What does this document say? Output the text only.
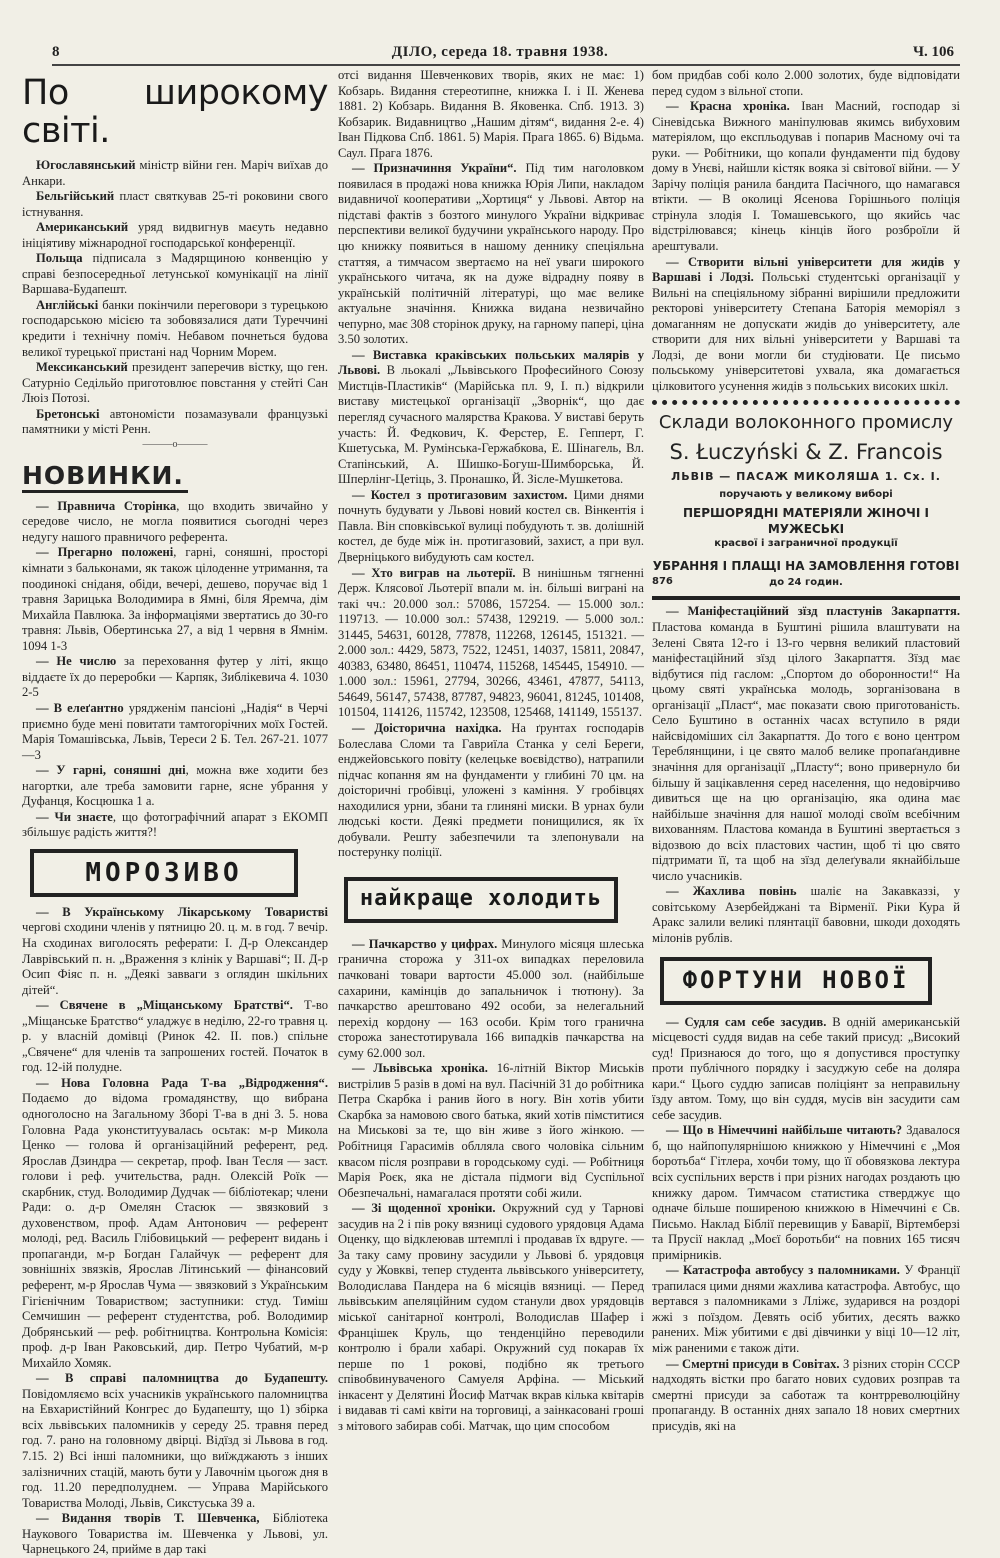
8	ДІЛО, середа 18. травня 1938.	Ч. 106
По широкому світі.

Югославянський міністр війни ген. Маріч виїхав до Анкари.

Бельгійський пласт святкував 25-ті роковини свого істнування.

Американський уряд видвигнув маєуть недавно ініціятиву міжнародної господарської конференції.

Польща підписала з Мадярщиною конвенцію у справі безпосередньої летунської комунікації на лінії Варшава-Будапешт.

Англійські банки покінчили переговори з турецькою господарською місією та зобовязалися дати Туреччині кредити і технічну поміч. Небавом почнеться будова великої турецької пристані над Чорним Морем.

Мексиканський президент заперечив вістку, що ген. Сатурніо Седільйо приготовлює повстання у стейті Сан Люіз Потозі.

Бретонські автономісти позамазували французькі памятники у місті Ренн.

———о———

НОВИНКИ.

— Правнича Сторінка, що входить звичайно у середове число, не могла появитися сьогодні через недугу нашого правничого референта.

— Прегарно положені, гарні, соняшні, просторі кімнати з бальконами, як також цілоденне утримання, та поодинокі сніданя, обіди, вечері, дешево, поручає від 1 травня Зарицька Володимира в Ямні, біля Яремча, дім Михайла Павлюка. За інформаціями звертатись до 30-го травня: Львів, Обертинська 27, а від 1 червня в Ямнім. 1094 1-3

— Не числю за переховання футер у літі, якщо віддаєте їх до переробки — Карпяк, Зиблікевича 4. 1030 2-5

— В елеґантно урядженім пансіоні „Надія“ в Черчі приємно буде мені повитати тамтогорічних моїх Гостей. Марія Томашівська, Львів, Тереси 2 Б. Тел. 267-21. 1077 —3

— У гарні, соняшні дні, можна вже ходити без нагортки, але треба замовити гарне, ясне убрання у Дуфанця, Косцюшка 1 а.

— Чи знаєте, що фотографічний апарат з ЕКОМП збільшує радість життя?!

МОРОЗИВО

— В Українському Лікарському Товаристві чергові сходини членів у пятницю 20. ц. м. в год. 7 вечір. На сходинах виголосять реферати: І. Д-р Олександер Лаврівський п. н. „Враження з клінік у Варшаві“; ІІ. Д-р Осип Фіяс п. н. „Деякі завваги з оглядин шкільних дітей“.

— Свячене в „Міщанському Братстві“. Т-во „Міщанське Братство“ уладжує в неділю, 22-го травня ц. р. у власній домівці (Ринок 42. ІІ. пов.) спільне „Свячене“ для членів та запрошених гостей. Початок в год. 12-ій полудне.

— Нова Головна Рада Т-ва „Відродження“. Подаємо до відома громадянству, що вибрана одноголосно на Загальному Зборі Т-ва в дні 3. 5. нова Головна Рада уконституувалась осьтак: м-р Микола Ценко — голова й організаційний референт, ред. Ярослав Дзиндра — секретар, проф. Іван Тесля — заст. голови і реф. учительства, радн. Олексій Роїк — скарбник, студ. Володимир Дудчак — бібліотекар; члени Ради: о. д-р Омелян Стасюк — звязковий з духовенством, проф. Адам Антонович — референт молоді, ред. Василь Глібовицький — референт видань і пропаганди, м-р Богдан Галайчук — референт для зовнішніх звязків, Ярослав Літинський — фінансовий референт, м-р Ярослав Чума — звязковий з Українським Гігієнічним Товариством; заступники: студ. Тиміш Семчишин — референт студентства, роб. Володимир Добрянський — реф. робітництва. Контрольна Комісія: проф. д-р Іван Раковський, дир. Петро Чубатий, м-р Михайло Хомяк.

— В справі паломництва до Будапешту. Повідомляємо всіх учасників українського паломництва на Евхаристійний Конгрес до Будапешту, що 1) збірка всіх львівських паломників у середу 25. травня перед год. 7. рано на головному двірці. Відїзд зі Львова в год. 7.15. 2) Всі інші паломники, що виїжджають з інших залізничних стацій, мають бути у Лавочнім цьогож дня в год. 11.20 передполуднем. — Управа Марійського Товариства Молоді, Львів, Сикстуська 39 а.

— Видання творів Т. Шевченка, Бібліотека Наукового Товариства ім. Шевченка у Львові, ул. Чарнецького 24, прийме в дар такі

отсі видання Шевченкових творів, яких не має: 1) Кобзарь. Видання стереотипне, книжка І. і ІІ. Женева 1881. 2) Кобзарь. Видання В. Яковенка. Спб. 1913. 3) Кобзарик. Видавництво „Нашим дітям“, видання 2-е. 4) Іван Підкова Спб. 1861. 5) Марія. Прага 1865. 6) Відьма. Саул. Прага 1876.

— Призначиння України“. Під тим наголовком появилася в продажі нова книжка Юрія Липи, накладом видавничої кооперативи „Хортиця“ у Львові. Автор на підставі фактів з бозтого минулого України відкриває перспективи великої будучини українського народу. Про цю книжку появиться в нашому деннику спеціяльна статтяя, а тимчасом звертаємо на неї уваги широкого українського читача, як на дуже відрадну появу в українській політичній літературі, що має велике актуальне значіння. Книжка видана незвичайно чепурно, має 308 сторінок друку, на гарному папері, ціна 3.50 золотих.

— Виставка краківських польських малярів у Львові. В льокалі „Львівського Професийного Союзу Мистців-Пластиків“ (Марійська пл. 9, І. п.) відкрили виставу мистецької організації „Зворнік“, що дає перегляд сучасного малярства Кракова. У виставі беруть участь: Й. Федкович, К. Ферстер, Е. Геппeрт, Г. Кшетуська, М. Румінська-Гержабкова, Е. Шінагель, Вл. Стапінський, А. Шишко-Богуш-Шимборська, Й. Шперлінг-Цетіць, З. Пронашко, Й. Зісле-Мушкетова.

— Костел з протигазовим захистом. Цими днями почнуть будувати у Львові новий костел св. Вінкентія і Павла. Він сповківської вулиці побудують т. зв. долішній костел, де буде між ін. протигазовий, захист, а при вул. Дверніцького вибудують сам костел.

— Хто виграв на льотерії. В нинішньм тягненні Держ. Клясової Льотерії впали м. ін. більші виграні на такі чч.: 20.000 зол.: 57086, 157254. — 15.000 зол.: 119713. — 10.000 зол.: 57438, 129219. — 5.000 зол.: 31445, 54631, 60128, 77878, 112268, 126145, 151321. — 2.000 зол.: 4429, 5873, 7522, 12451, 14037, 15811, 20847, 40383, 63480, 86451, 110474, 115268, 145445, 154910. — 1.000 зол.: 15961, 27794, 30266, 43461, 47877, 54113, 54649, 56147, 57438, 87787, 94823, 96041, 81245, 101408, 101504, 114126, 115742, 123508, 125468, 141149, 155137.

— Доісторична нахідка. На ґрунтах господарів Болеслава Сломи та Гавриїла Станка у селі Береги, енджейовського повіту (келецьке воєвідство), натрапили підчас копання ям на фундаменти у глибині 70 цм. на доісторичні гробівці, уложені з каміння. У гробівцях находилися урни, збани та глиняні миски. В урнах були людські кости. Деякі предмети понищилися, як їх добували. Решту забезпечили та злепонували на постерунку поліції.

найкраще холодить

— Пачкарство у цифрах. Минулого місяця шлеська гранична сторожа у 311-ох випадках переловила пачковані товари вартости 45.000 зол. (найбільше сахарини, камінців до запальничок і тютюну). За пачкарство арештовано 492 особи, за нелегальний перехід кордону — 163 особи. Крім того гранична сторожа занестотирувала 166 випадків пачкарства на суму 62.000 зол.

— Львівська хроніка. 16-літній Віктор Миськів вистрілив 5 разів в домі на вул. Пасічній 31 до робітника Петра Скарбка і ранив його в ногу. Він хотів убити Скарбка за намовою свого батька, який хотів пімститися на Миськові за те, що він живе з його жінкою. — Робітниця Гарасимів облляла свого чоловіка сільним квасом після розправи в городському суді. — Робітниця Марія Роєк, яка не дістала підмоги від Суспільної Обезпечальні, намагалася протяти собі жили.

— Зі щоденної хроніки. Окружний суд у Тарнові засудив на 2 і пів року вязниці судового урядовця Адама Оценку, що відклеював штемплі і продавав їх вдруге. — За таку саму провину засудили у Львові б. урядовця суду у Жовкві, тепер студента львівського університету, Володислава Пандера на 6 місяців вязниці. — Перед львівським апеляційним судом станули двох урядовців міської санітарної контролі, Володислав Шафер і Францішек Круль, що тенденційно переводили контролю і брали хабарі. Окружний суд покарав їх перше по 1 рокові, подібно як третього співобвинуваченого Самуеля Арфіна. — Міський інкасент у Делятині Йосиф Матчак вкрав кілька квітарів і видавав ті самі квіти на торговиці, а заінкасовані гроші з мітового забирав собі. Матчак, що цим способом

бом придбав собі коло 2.000 золотих, буде відповідати перед судом з вільної стопи.

— Красна хроніка. Іван Масний, господар зі Сіневідська Вижного маніпулював якимсь вибуховим матеріялом, що експльодував і попарив Масному очі та руки. — Робітники, що копали фундаменти під будову дому в Унєві, найшли кістяк вояка зі світової війни. — У Зарічу поліція ранила бандита Пасічного, що намагався втікти. — В околиці Ясенова Горішнього поліція стрінула злодія І. Томашевського, що якийсь час відстрілювався; кінець кінців його розброїли й арештували.

— Створити вільні університети для жидів у Варшаві і Лодзі. Польські студентські організації у Вильні на спеціяльному зібранні вирішили предложити ректорові університету Степана Баторія меморіял з домаганням не допускати жидів до університету, але створити для них вільні університети у Варшаві та Лодзі, де вони могли би студіювати. Це письмо польському університетові ухвала, яка домагається цілковитого усунення жидів з польських високих шкіл.

Склади волоконного промислу
S. Łuczyński & Z. Francois
ЛЬВІВ — ПАСАЖ МИКОЛЯША 1. Сх. І.
поручають у великому виборі
ПЕРШОРЯДНІ МАТЕРІЯЛИ ЖІНОЧІ І МУЖЕСЬКІ
красвої і заграничної продукції
УБРАННЯ І ПЛАЩІ НА ЗАМОВЛЕННЯ ГОТОВІ
876	до 24 годин.

— Маніфестаційний зїзд пластунів Закарпаття. Пластова команда в Буштині рішила влаштувати на Зелені Свята 12-го і 13-го червня великий пластовий маніфестаційний зїзд цілого Закарпаття. Зїзд має відбутися під гаслом: „Спортом до оборонности!“ На цьому святі українська молодь, зорганізована в організації „Пласт“, має показати свою приготованість. Село Буштино в останніх часах вступило в ряди найсвідоміших сіл Закарпаття. До того є воно центром Тереблянщини, і це свято малоб велике пропаґандивне значіння для організації „Пласту“; воно привернуло би більшу й зацікавлення серед населення, що недовірчиво дивиться ще на цю організацію, яка одина має найбільше значіння для нашої молоді своїм всебічним вихованням. Пластова команда в Буштині звертається з відозвою до всіх пластових частин, щоб ті цю свято підтримати її, та щоб на зїзд делеґували якнайбільше число учасників.

— Жахлива повінь шаліє на Закавказзі, у совітському Азербейджані та Вірменії. Ріки Кура й Аракс залили великі плянтації бавовни, шкоди доходять мілонів рублів.

ФОРТУНИ НОВОЇ

— Судля сам себе засудив. В одній американській місцевості суддя видав на себе такий присуд: „Високий суд! Признаюся до того, що я допустився проступку проти публічного порядку і засуджую себе на доляра кари.“ Цього суддю записав поліціянт за неправильну їзду автом. Тому, що він суддя, мусів він засудити сам себе засудив.

— Що в Німеччині найбільше читають? Здавалося б, що найпопулярнішою книжкою у Німеччині є „Моя боротьба“ Гітлера, хочби тому, що її обовязкова лектура всіх суспільних верств і при різних нагодах роздають цю книжку даром. Тимчасом статистика стверджує що одначе більше поширеною книжкою в Німеччині є Св. Письмо. Наклад Біблії перевищив у Баварії, Віртемберзі та Прусії наклад „Моєї боротьби“ на повних 165 тисяч примірників.

— Катастрофа автобусу з паломниками. У Франції трапилася цими днями жахлива катастрофа. Автобус, що вертався з паломниками з Лліжє, зударився на роздорі жжі з поїздом. Девять осіб убитих, десять важко ранених. Між убитими є дві дівчинки у віці 10—12 літ, між раненими є також діти.

— Смертні присуди в Совітах. З різних сторін СССР надходять вістки про багато нових судових розправ та смертні присуди за саботаж та контрреволюційну пропаганду. В останніх днях запало 18 нових смертних присудів, які на
